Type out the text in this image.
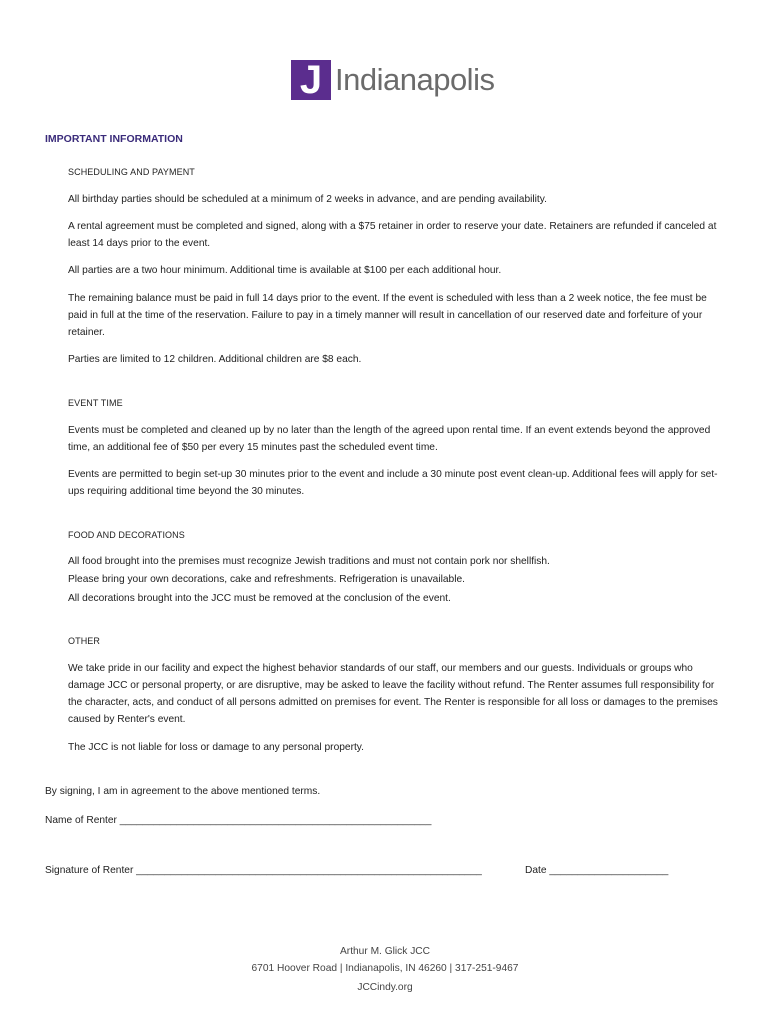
J Indianapolis
IMPORTANT INFORMATION
SCHEDULING AND PAYMENT
All birthday parties should be scheduled at a minimum of 2 weeks in advance, and are pending availability.
A rental agreement must be completed and signed, along with a $75 retainer in order to reserve your date. Retainers are refunded if canceled at least 14 days prior to the event.
All parties are a two hour minimum. Additional time is available at $100 per each additional hour.
The remaining balance must be paid in full 14 days prior to the event. If the event is scheduled with less than a 2 week notice, the fee must be paid in full at the time of the reservation. Failure to pay in a timely manner will result in cancellation of our reserved date and forfeiture of your retainer.
Parties are limited to 12 children. Additional children are $8 each.
EVENT TIME
Events must be completed and cleaned up by no later than the length of the agreed upon rental time. If an event extends beyond the approved time, an additional fee of $50 per every 15 minutes past the scheduled event time.
Events are permitted to begin set-up 30 minutes prior to the event and include a 30 minute post event clean-up. Additional fees will apply for set-ups requiring additional time beyond the 30 minutes.
FOOD AND DECORATIONS
All food brought into the premises must recognize Jewish traditions and must not contain pork nor shellfish.
Please bring your own decorations, cake and refreshments. Refrigeration is unavailable.
All decorations brought into the JCC must be removed at the conclusion of the event.
OTHER
We take pride in our facility and expect the highest behavior standards of our staff, our members and our guests. Individuals or groups who damage JCC or personal property, or are disruptive, may be asked to leave the facility without refund. The Renter assumes full responsibility for the character, acts, and conduct of all persons admitted on premises for event. The Renter is responsible for all loss or damages to the premises caused by Renter's event.
The JCC is not liable for loss or damage to any personal property.
By signing, I am in agreement to the above mentioned terms.
Name of Renter _______________________________________________________
Signature of Renter _____________________________________________________________	Date _____________________
Arthur M. Glick JCC
6701 Hoover Road | Indianapolis, IN 46260 | 317-251-9467
JCCindy.org
